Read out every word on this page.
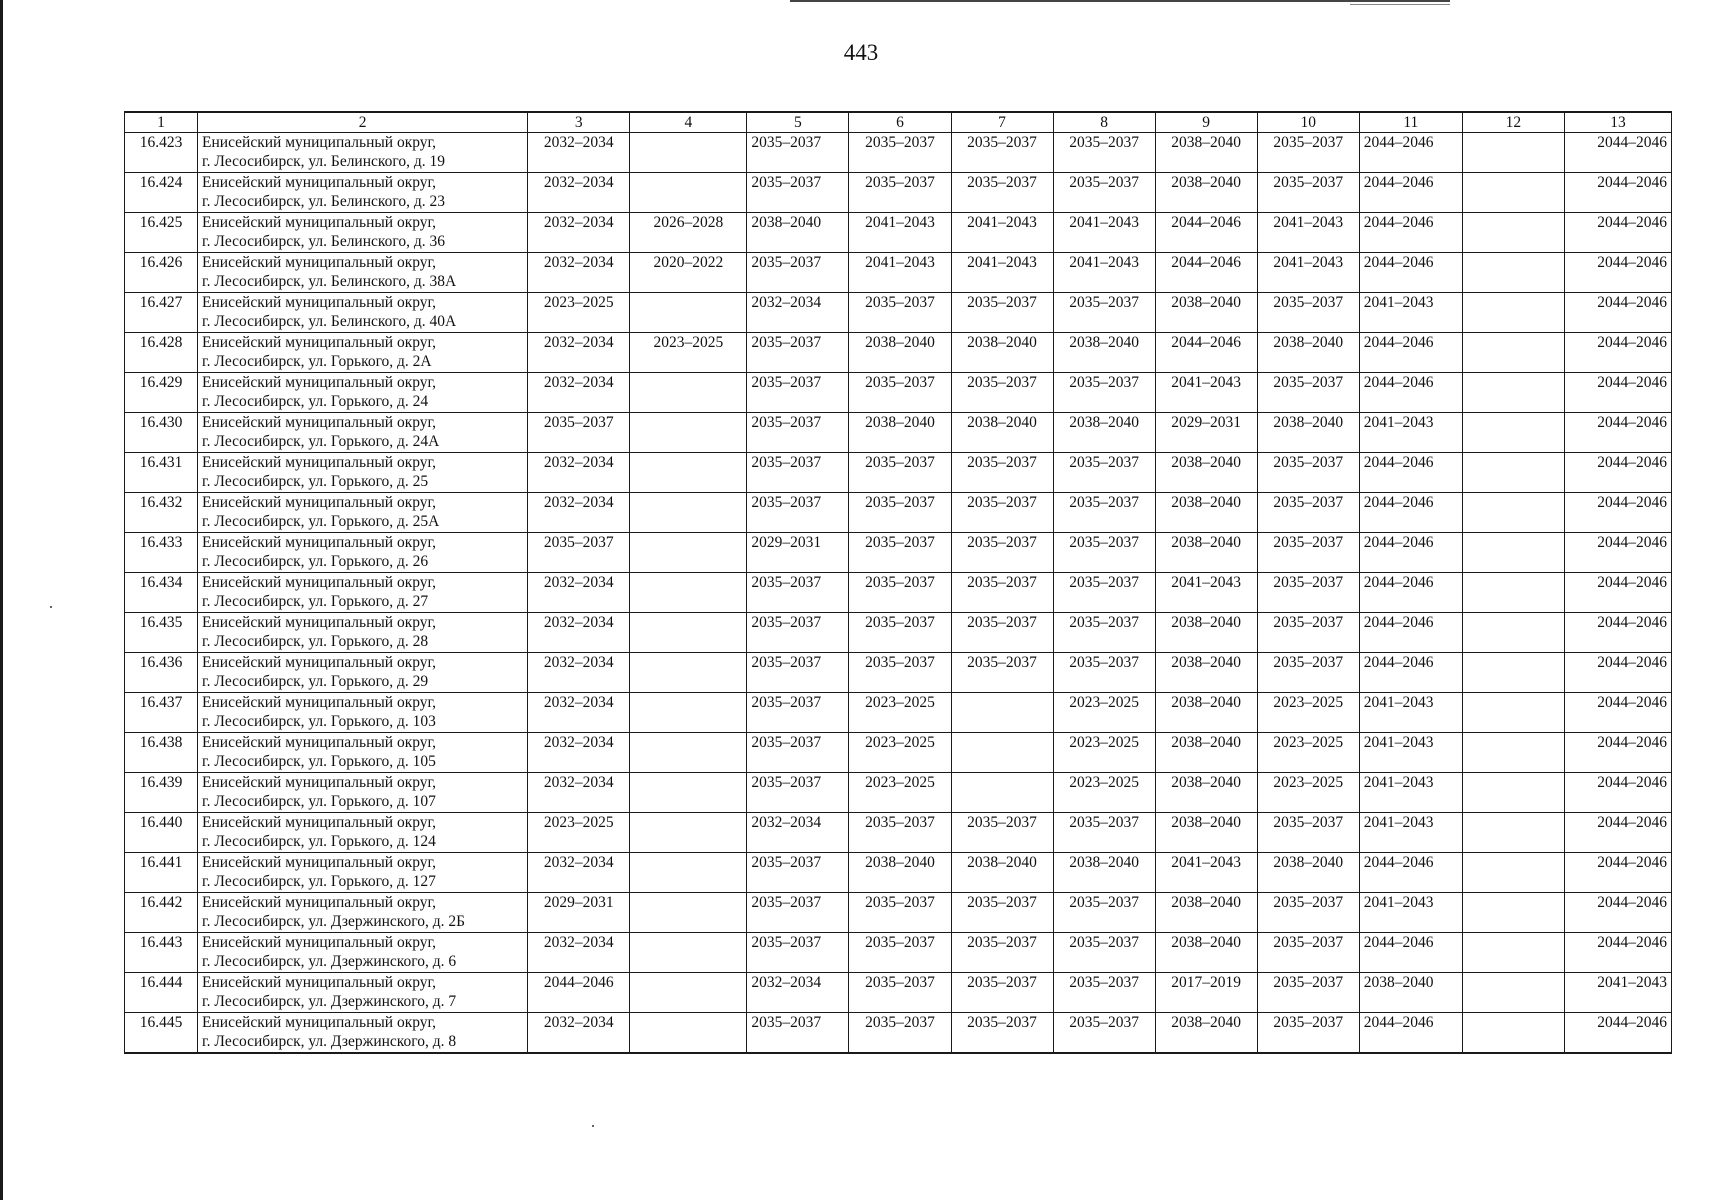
443
1	2	3	4	5	6	7	8	9	10	11	12	13
16.423	Енисейский муниципальный округ,
г. Лесосибирск, ул. Белинского, д. 19	2032–2034		2035–2037	2035–2037	2035–2037	2035–2037	2038–2040	2035–2037	2044–2046		2044–2046
16.424	Енисейский муниципальный округ,
г. Лесосибирск, ул. Белинского, д. 23	2032–2034		2035–2037	2035–2037	2035–2037	2035–2037	2038–2040	2035–2037	2044–2046		2044–2046
16.425	Енисейский муниципальный округ,
г. Лесосибирск, ул. Белинского, д. 36	2032–2034	2026–2028	2038–2040	2041–2043	2041–2043	2041–2043	2044–2046	2041–2043	2044–2046		2044–2046
16.426	Енисейский муниципальный округ,
г. Лесосибирск, ул. Белинского, д. 38А	2032–2034	2020–2022	2035–2037	2041–2043	2041–2043	2041–2043	2044–2046	2041–2043	2044–2046		2044–2046
16.427	Енисейский муниципальный округ,
г. Лесосибирск, ул. Белинского, д. 40А	2023–2025		2032–2034	2035–2037	2035–2037	2035–2037	2038–2040	2035–2037	2041–2043		2044–2046
16.428	Енисейский муниципальный округ,
г. Лесосибирск, ул. Горького, д. 2А	2032–2034	2023–2025	2035–2037	2038–2040	2038–2040	2038–2040	2044–2046	2038–2040	2044–2046		2044–2046
16.429	Енисейский муниципальный округ,
г. Лесосибирск, ул. Горького, д. 24	2032–2034		2035–2037	2035–2037	2035–2037	2035–2037	2041–2043	2035–2037	2044–2046		2044–2046
16.430	Енисейский муниципальный округ,
г. Лесосибирск, ул. Горького, д. 24А	2035–2037		2035–2037	2038–2040	2038–2040	2038–2040	2029–2031	2038–2040	2041–2043		2044–2046
16.431	Енисейский муниципальный округ,
г. Лесосибирск, ул. Горького, д. 25	2032–2034		2035–2037	2035–2037	2035–2037	2035–2037	2038–2040	2035–2037	2044–2046		2044–2046
16.432	Енисейский муниципальный округ,
г. Лесосибирск, ул. Горького, д. 25А	2032–2034		2035–2037	2035–2037	2035–2037	2035–2037	2038–2040	2035–2037	2044–2046		2044–2046
16.433	Енисейский муниципальный округ,
г. Лесосибирск, ул. Горького, д. 26	2035–2037		2029–2031	2035–2037	2035–2037	2035–2037	2038–2040	2035–2037	2044–2046		2044–2046
16.434	Енисейский муниципальный округ,
г. Лесосибирск, ул. Горького, д. 27	2032–2034		2035–2037	2035–2037	2035–2037	2035–2037	2041–2043	2035–2037	2044–2046		2044–2046
16.435	Енисейский муниципальный округ,
г. Лесосибирск, ул. Горького, д. 28	2032–2034		2035–2037	2035–2037	2035–2037	2035–2037	2038–2040	2035–2037	2044–2046		2044–2046
16.436	Енисейский муниципальный округ,
г. Лесосибирск, ул. Горького, д. 29	2032–2034		2035–2037	2035–2037	2035–2037	2035–2037	2038–2040	2035–2037	2044–2046		2044–2046
16.437	Енисейский муниципальный округ,
г. Лесосибирск, ул. Горького, д. 103	2032–2034		2035–2037	2023–2025		2023–2025	2038–2040	2023–2025	2041–2043		2044–2046
16.438	Енисейский муниципальный округ,
г. Лесосибирск, ул. Горького, д. 105	2032–2034		2035–2037	2023–2025		2023–2025	2038–2040	2023–2025	2041–2043		2044–2046
16.439	Енисейский муниципальный округ,
г. Лесосибирск, ул. Горького, д. 107	2032–2034		2035–2037	2023–2025		2023–2025	2038–2040	2023–2025	2041–2043		2044–2046
16.440	Енисейский муниципальный округ,
г. Лесосибирск, ул. Горького, д. 124	2023–2025		2032–2034	2035–2037	2035–2037	2035–2037	2038–2040	2035–2037	2041–2043		2044–2046
16.441	Енисейский муниципальный округ,
г. Лесосибирск, ул. Горького, д. 127	2032–2034		2035–2037	2038–2040	2038–2040	2038–2040	2041–2043	2038–2040	2044–2046		2044–2046
16.442	Енисейский муниципальный округ,
г. Лесосибирск, ул. Дзержинского, д. 2Б	2029–2031		2035–2037	2035–2037	2035–2037	2035–2037	2038–2040	2035–2037	2041–2043		2044–2046
16.443	Енисейский муниципальный округ,
г. Лесосибирск, ул. Дзержинского, д. 6	2032–2034		2035–2037	2035–2037	2035–2037	2035–2037	2038–2040	2035–2037	2044–2046		2044–2046
16.444	Енисейский муниципальный округ,
г. Лесосибирск, ул. Дзержинского, д. 7	2044–2046		2032–2034	2035–2037	2035–2037	2035–2037	2017–2019	2035–2037	2038–2040		2041–2043
16.445	Енисейский муниципальный округ,
г. Лесосибирск, ул. Дзержинского, д. 8	2032–2034		2035–2037	2035–2037	2035–2037	2035–2037	2038–2040	2035–2037	2044–2046		2044–2046
